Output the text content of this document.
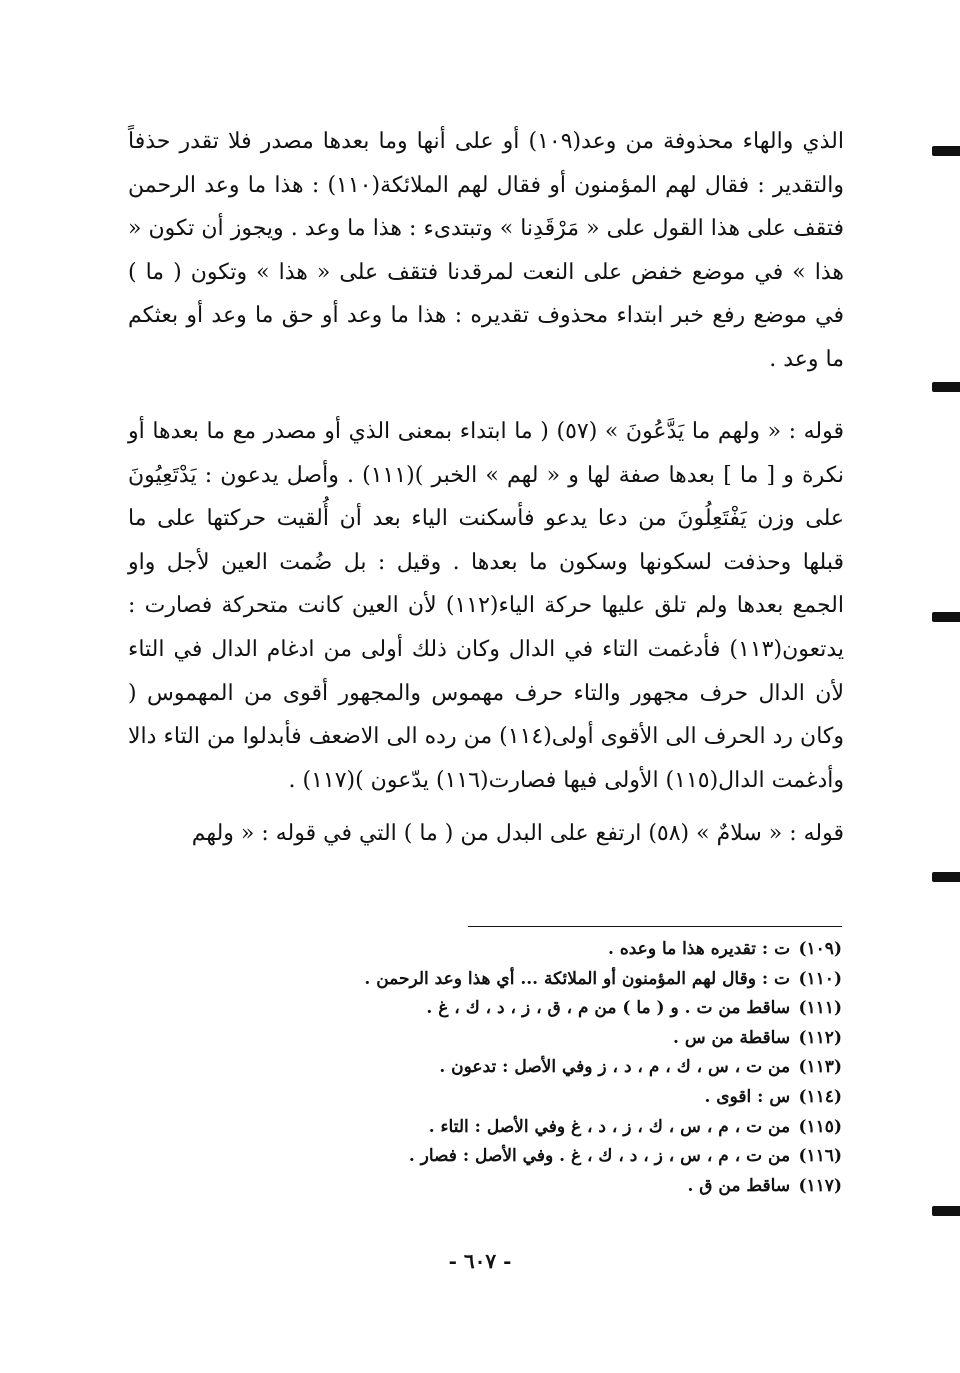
الذي والهاء محذوفة من وعد(١٠٩) أو على أنها وما بعدها مصدر فلا تقدر حذفاً والتقدير : فقال لهم المؤمنون أو فقال لهم الملائكة(١١٠) : هذا ما وعد الرحمن فتقف على هذا القول على « مَرْقَدِنا » وتبتدىء : هذا ما وعد . ويجوز أن تكون « هذا » في موضع خفض على النعت لمرقدنا فتقف على « هذا » وتكون ( ما ) في موضع رفع خبر ابتداء محذوف تقديره : هذا ما وعد أو حق ما وعد أو بعثكم ما وعد .

قوله : « ولهم ما يَدَّعُونَ » (٥٧) ( ما ابتداء بمعنى الذي أو مصدر مع ما بعدها أو نكرة و [ ما ] بعدها صفة لها و « لهم » الخبر )(١١١) . وأصل يدعون : يَدْتَعِيُونَ على وزن يَفْتَعِلُونَ من دعا يدعو فأسكنت الياء بعد أن أُلقيت حركتها على ما قبلها وحذفت لسكونها وسكون ما بعدها . وقيل : بل ضُمت العين لأجل واو الجمع بعدها ولم تلق عليها حركة الياء(١١٢) لأن العين كانت متحركة فصارت : يدتعون(١١٣) فأدغمت التاء في الدال وكان ذلك أولى من ادغام الدال في التاء لأن الدال حرف مجهور والتاء حرف مهموس والمجهور أقوى من المهموس ( وكان رد الحرف الى الأقوى أولى(١١٤) من رده الى الاضعف فأبدلوا من التاء دالا وأدغمت الدال(١١٥) الأولى فيها فصارت(١١٦) يدّعون )(١١٧) .

قوله : « سلامٌ » (٥٨) ارتفع على البدل من ( ما ) التي في قوله : « ولهم

(١٠٩) ت : تقديره هذا ما وعده .
(١١٠) ت : وقال لهم المؤمنون أو الملائكة ... أي هذا وعد الرحمن .
(١١١) ساقط من ت . و ( ما ) من م ، ق ، ز ، د ، ك ، غ .
(١١٢) ساقطة من س .
(١١٣) من ت ، س ، ك ، م ، د ، ز وفي الأصل : تدعون .
(١١٤) س : اقوى .
(١١٥) من ت ، م ، س ، ك ، ز ، د ، غ وفي الأصل : التاء .
(١١٦) من ت ، م ، س ، ز ، د ، ك ، غ . وفي الأصل : فصار .
(١١٧) ساقط من ق .
- ٦٠٧ -
